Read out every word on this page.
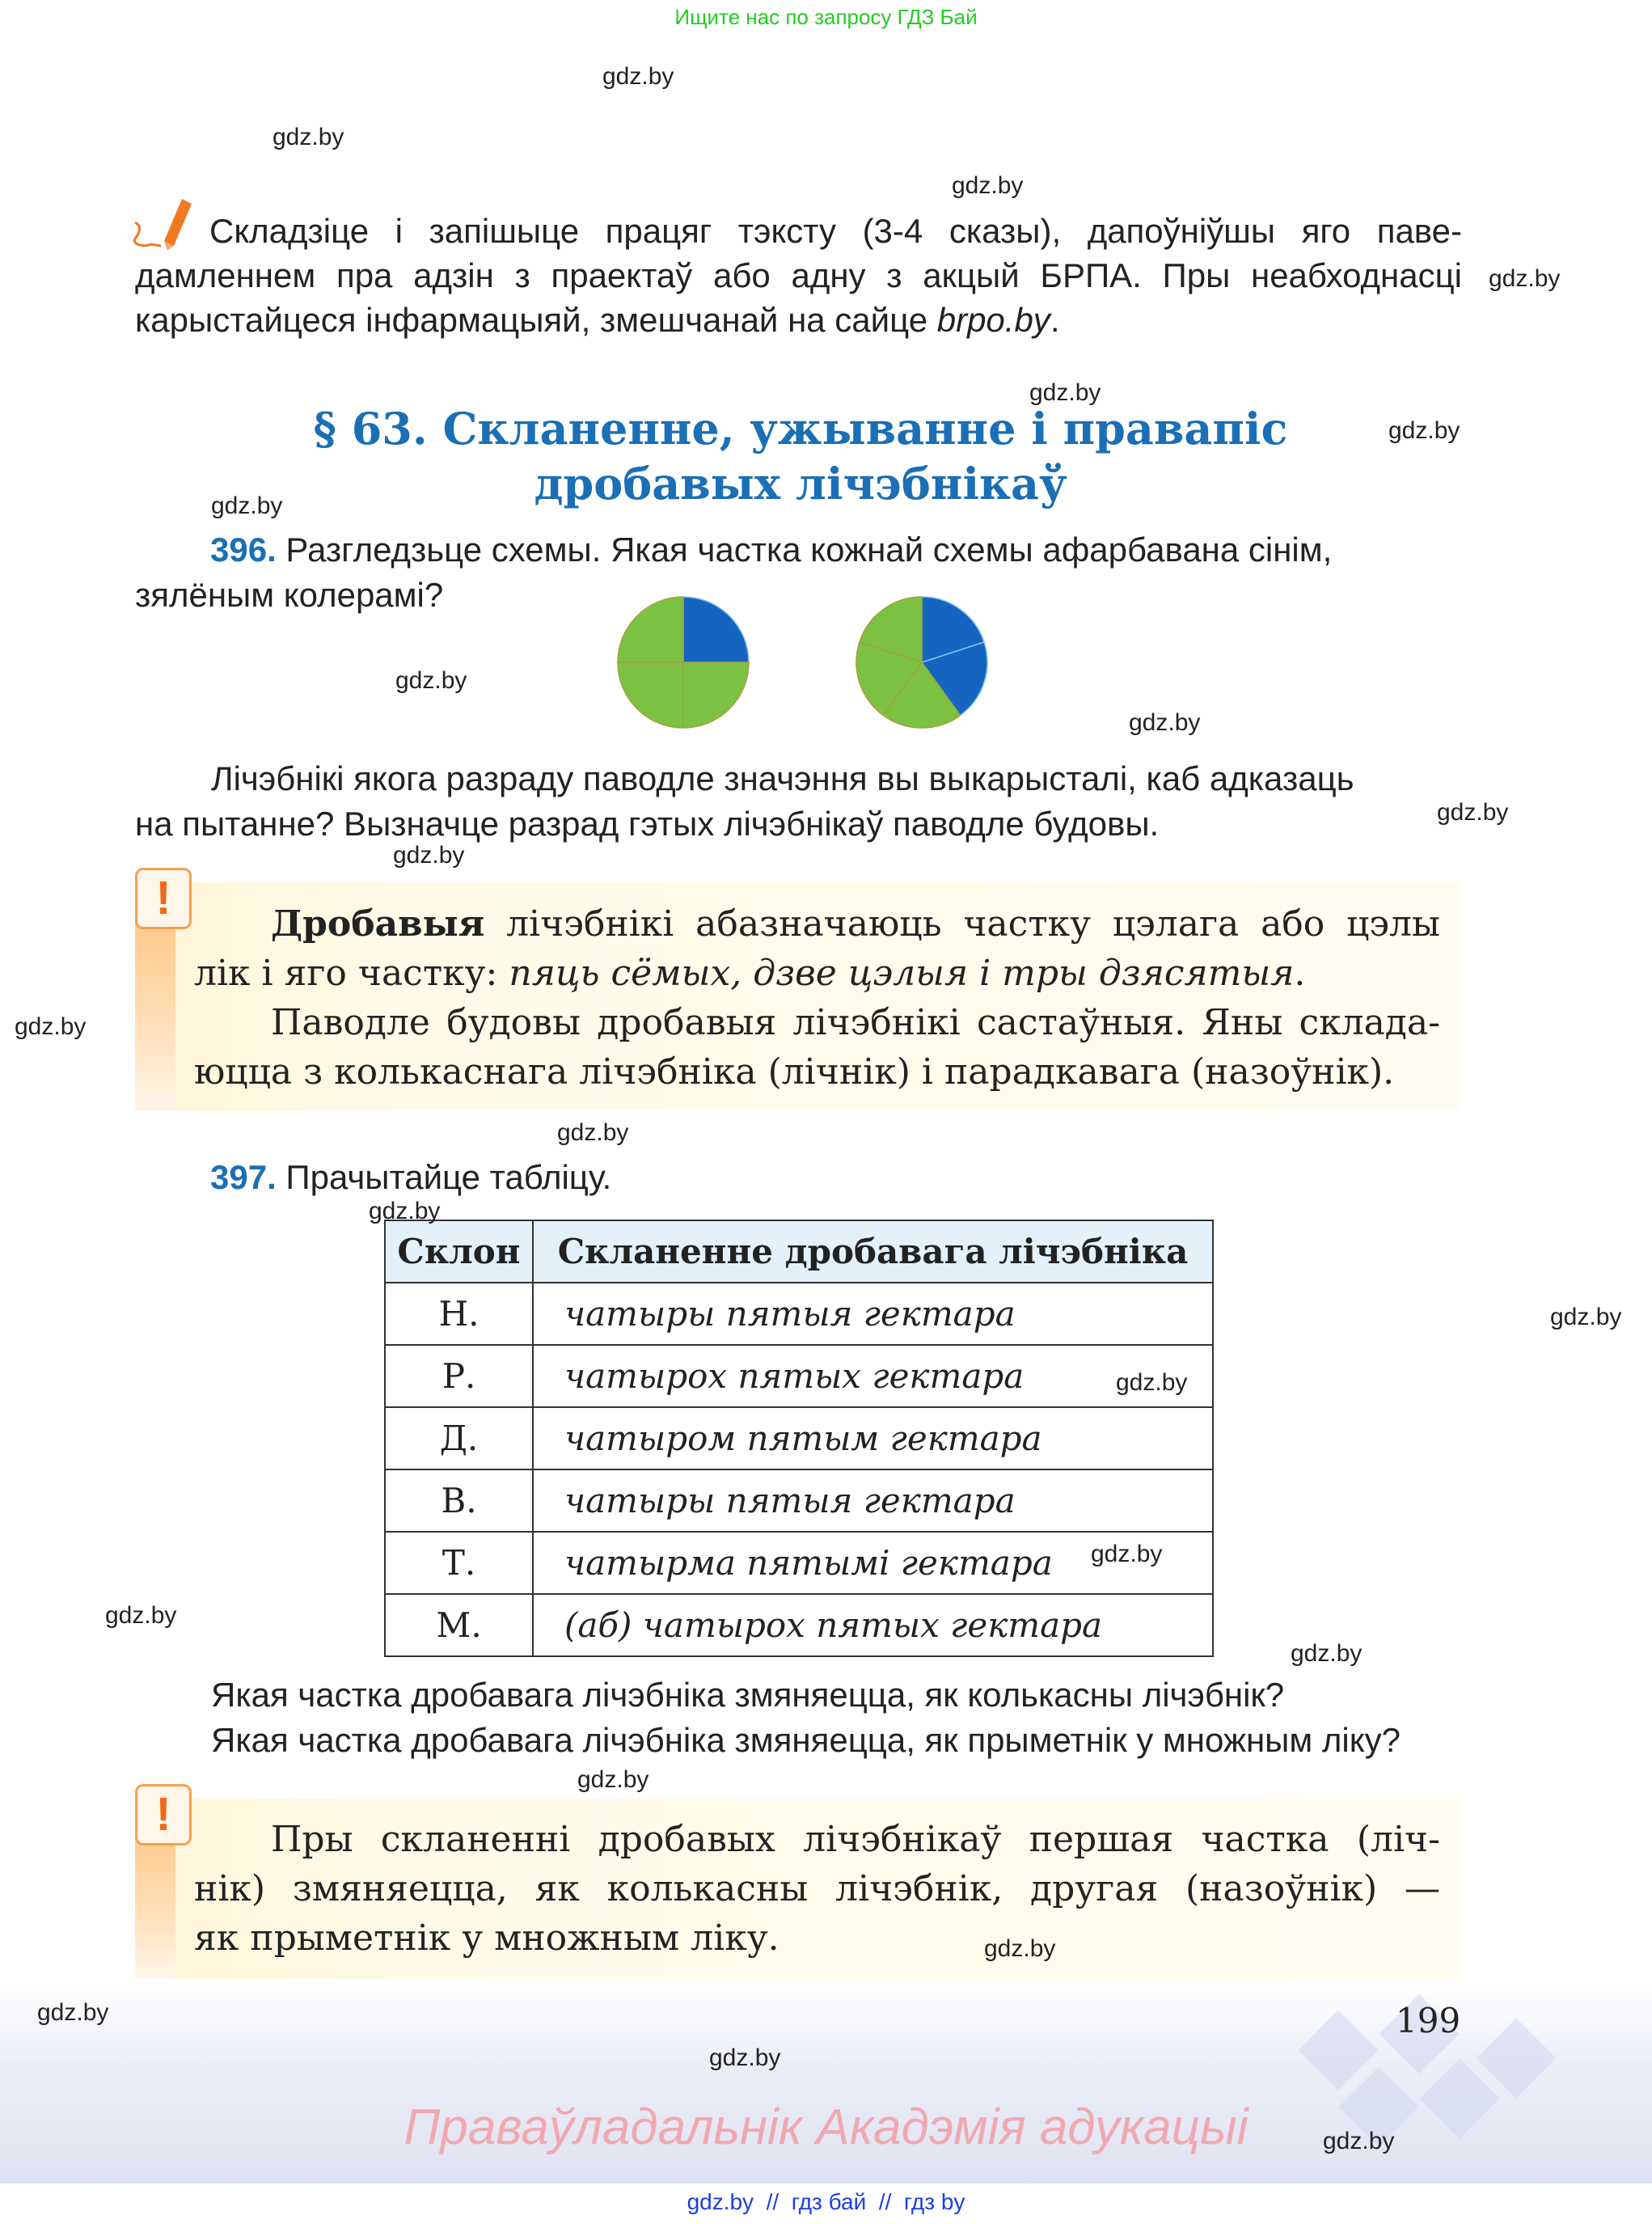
Ищите нас по запросу ГДЗ Бай
Складзіце і запішыце працяг тэксту (3-4 сказы), дапоўніўшы яго паве-
дамленнем пра адзін з праектаў або адну з акцый БРПА. Пры неабходнасці
карыстайцеся інфармацыяй, змешчанай на сайце brpo.by.
§ 63. Скланенне, ужыванне і правапіс
дробавых лічэбнікаў
396. Разгледзьце схемы. Якая частка кожнай схемы афарбавана сінім,
зялёным колерамі?
Лічэбнікі якога разраду паводле значэння вы выкарысталі, каб адказаць
на пытанне? Вызначце разрад гэтых лічэбнікаў паводле будовы.
!	Дробавыя лічэбнікі абазначаюць частку цэлага або цэлы
лік і яго частку: пяць сёмых, дзве цэлыя і тры дзясятыя.
Паводле будовы дробавыя лічэбнікі састаўныя. Яны склада-
юцца з колькаснага лічэбніка (лічнік) і парадкавага (назоўнік).
397. Прачытайце табліцу.
Склон	Скланенне дробавага лічэбніка
Н.	чатыры пятыя гектара
Р.	чатырох пятых гектара
Д.	чатыром пятым гектара
В.	чатыры пятыя гектара
Т.	чатырма пятымі гектара
М.	(аб) чатырох пятых гектара
Якая частка дробавага лічэбніка змяняецца, як колькасны лічэбнік?
Якая частка дробавага лічэбніка змяняецца, як прыметнік у множным ліку?
!	Пры скланенні дробавых лічэбнікаў першая частка (ліч-
нік) змяняецца, як колькасны лічэбнік, другая (назоўнік) —
як прыметнік у множным ліку.
199
Праваўладальнік Акадэмія адукацыі
gdz.by  //  гдз бай  //  гдз by
gdz.by
gdz.by
gdz.by
gdz.by
gdz.by
gdz.by
gdz.by
gdz.by
gdz.by
gdz.by
gdz.by
gdz.by
gdz.by
gdz.by
gdz.by
gdz.by
gdz.by
gdz.by
gdz.by
gdz.by
gdz.by
gdz.by
gdz.by
gdz.by
